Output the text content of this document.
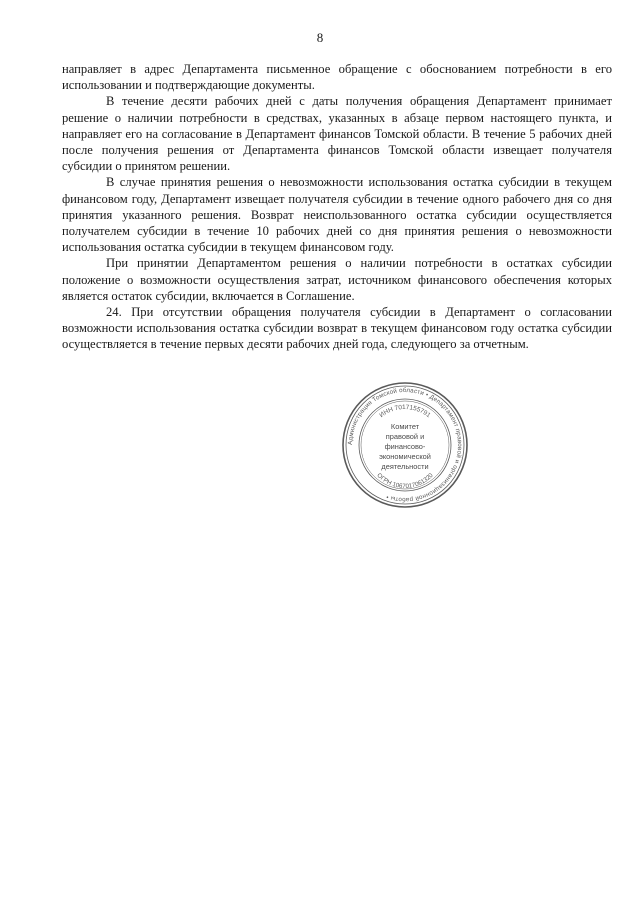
8

направляет в адрес Департамента письменное обращение с обоснованием потребности в его использовании и подтверждающие документы.

В течение десяти рабочих дней с даты получения обращения Департамент принимает решение о наличии потребности в средствах, указанных в абзаце первом настоящего пункта, и направляет его на согласование в Департамент финансов Томской области. В течение 5 рабочих дней после получения решения от Департамента финансов Томской области извещает получателя субсидии о принятом решении.

В случае принятия решения о невозможности использования остатка субсидии в текущем финансовом году, Департамент извещает получателя субсидии в течение одного рабочего дня со дня принятия указанного решения. Возврат неиспользованного остатка субсидии осуществляется получателем субсидии в течение 10 рабочих дней со дня принятия решения о невозможности использования остатка субсидии в текущем финансовом году.

При принятии Департаментом решения о наличии потребности в остатках субсидии положение о возможности осуществления затрат, источником финансового обеспечения которых является остаток субсидии, включается в Соглашение.

24. При отсутствии обращения получателя субсидии в Департамент о согласовании возможности использования остатка субсидии возврат в текущем финансовом году остатка субсидии осуществляется в течение первых десяти рабочих дней года, следующего за отчетным.

Администрация Томской области • Департамент правовой и организационной работы •
ИНН 7017155791
ОГРН 1067017061320
Комитет
правовой и
финансово-
экономической
деятельности
